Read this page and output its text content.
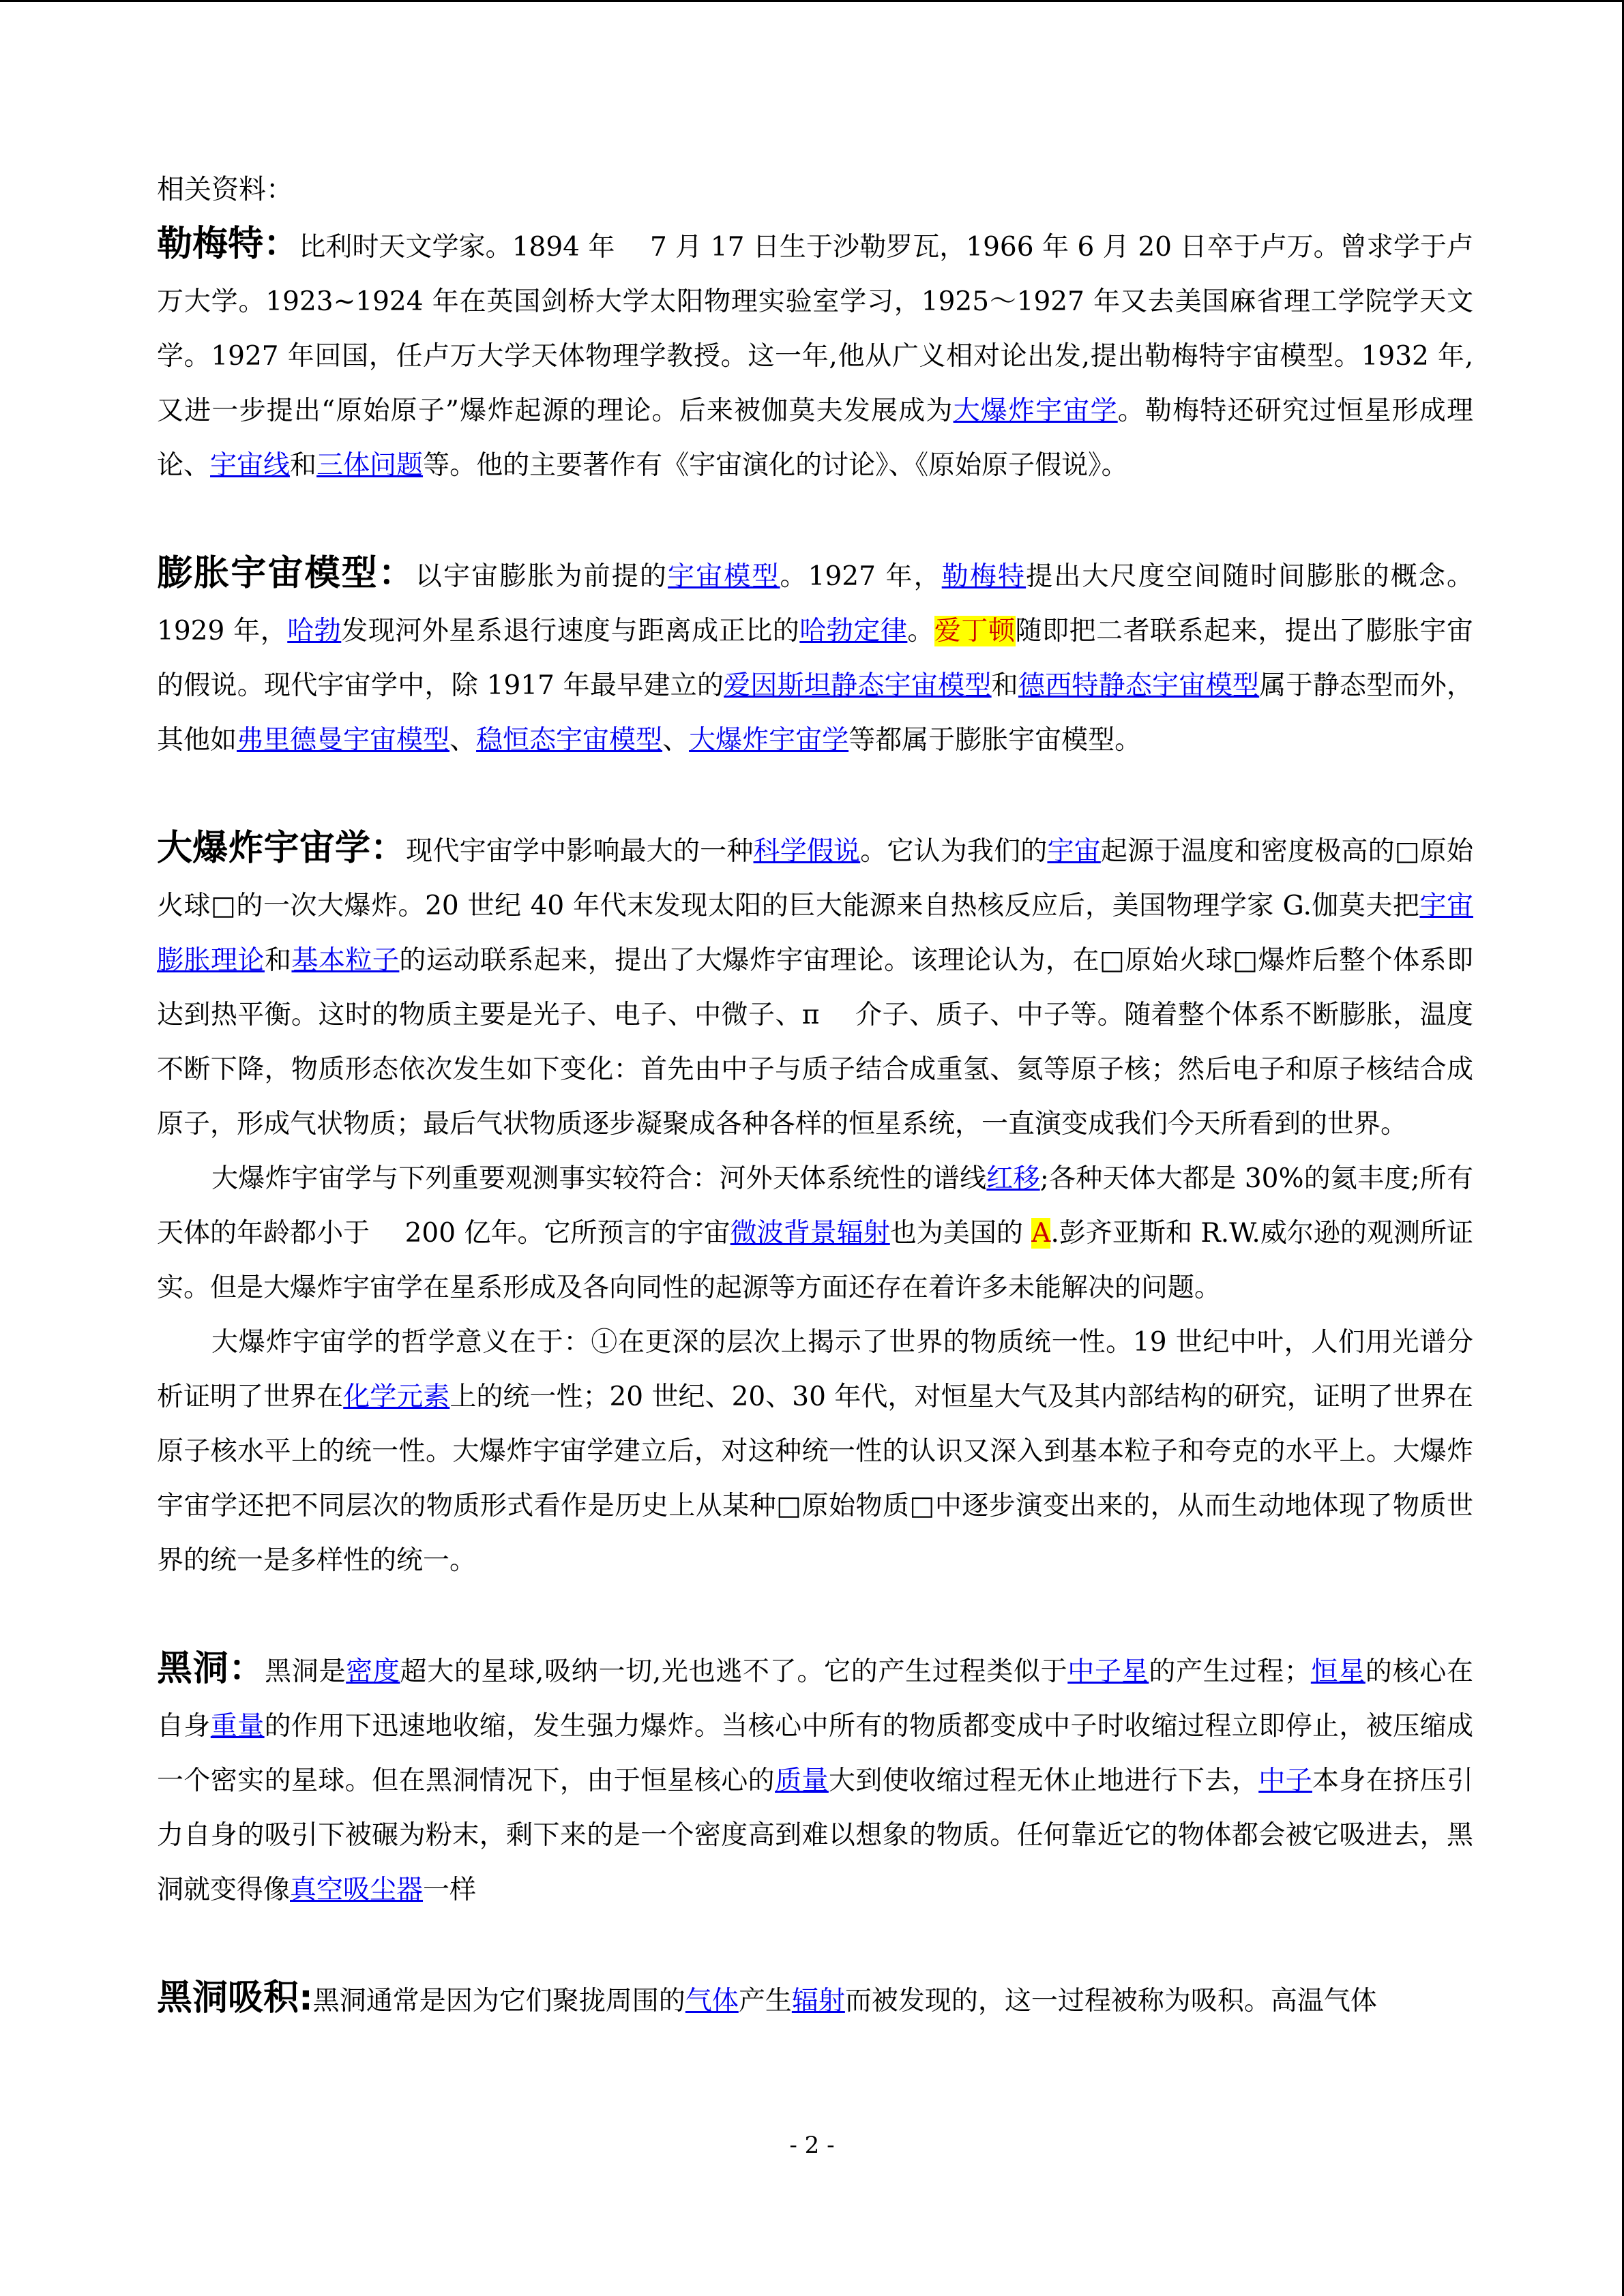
相关资料：

勒梅特：比利时天文学家。1894 年　 7 月 17 日生于沙勒罗瓦，1966 年 6 月 20 日卒于卢万。曾求学于卢万大学。1923~1924 年在英国剑桥大学太阳物理实验室学习，1925～1927 年又去美国麻省理工学院学天文学。1927 年回国，任卢万大学天体物理学教授。这一年,他从广义相对论出发,提出勒梅特宇宙模型。1932 年,又进一步提出“原始原子”爆炸起源的理论。后来被伽莫夫发展成为大爆炸宇宙学。勒梅特还研究过恒星形成理论、宇宙线和三体问题等。他的主要著作有《宇宙演化的讨论》、《原始原子假说》。

膨胀宇宙模型：以宇宙膨胀为前提的宇宙模型。1927 年，勒梅特提出大尺度空间随时间膨胀的概念。1929 年，哈勃发现河外星系退行速度与距离成正比的哈勃定律。爱丁顿随即把二者联系起来，提出了膨胀宇宙的假说。现代宇宙学中，除 1917 年最早建立的爱因斯坦静态宇宙模型和德西特静态宇宙模型属于静态型而外，其他如弗里德曼宇宙模型、稳恒态宇宙模型、大爆炸宇宙学等都属于膨胀宇宙模型。

大爆炸宇宙学：现代宇宙学中影响最大的一种科学假说。它认为我们的宇宙起源于温度和密度极高的□原始火球□的一次大爆炸。20 世纪 40 年代末发现太阳的巨大能源来自热核反应后，美国物理学家 G.伽莫夫把宇宙膨胀理论和基本粒子的运动联系起来，提出了大爆炸宇宙理论。该理论认为，在□原始火球□爆炸后整个体系即达到热平衡。这时的物质主要是光子、电子、中微子、π　 介子、质子、中子等。随着整个体系不断膨胀，温度不断下降，物质形态依次发生如下变化：首先由中子与质子结合成重氢、氦等原子核；然后电子和原子核结合成原子，形成气状物质；最后气状物质逐步凝聚成各种各样的恒星系统，一直演变成我们今天所看到的世界。

大爆炸宇宙学与下列重要观测事实较符合：河外天体系统性的谱线红移;各种天体大都是 30%的氦丰度;所有天体的年龄都小于　 200 亿年。它所预言的宇宙微波背景辐射也为美国的 A.彭齐亚斯和 R.W.威尔逊的观测所证实。但是大爆炸宇宙学在星系形成及各向同性的起源等方面还存在着许多未能解决的问题。

大爆炸宇宙学的哲学意义在于：①在更深的层次上揭示了世界的物质统一性。19 世纪中叶，人们用光谱分析证明了世界在化学元素上的统一性；20 世纪、20、30 年代，对恒星大气及其内部结构的研究，证明了世界在原子核水平上的统一性。大爆炸宇宙学建立后，对这种统一性的认识又深入到基本粒子和夸克的水平上。大爆炸宇宙学还把不同层次的物质形式看作是历史上从某种□原始物质□中逐步演变出来的，从而生动地体现了物质世界的统一是多样性的统一。

黑洞：黑洞是密度超大的星球,吸纳一切,光也逃不了。它的产生过程类似于中子星的产生过程；恒星的核心在自身重量的作用下迅速地收缩，发生强力爆炸。当核心中所有的物质都变成中子时收缩过程立即停止，被压缩成一个密实的星球。但在黑洞情况下，由于恒星核心的质量大到使收缩过程无休止地进行下去，中子本身在挤压引力自身的吸引下被碾为粉末，剩下来的是一个密度高到难以想象的物质。任何靠近它的物体都会被它吸进去，黑洞就变得像真空吸尘器一样

黑洞吸积:黑洞通常是因为它们聚拢周围的气体产生辐射而被发现的，这一过程被称为吸积。高温气体

- 2 -
